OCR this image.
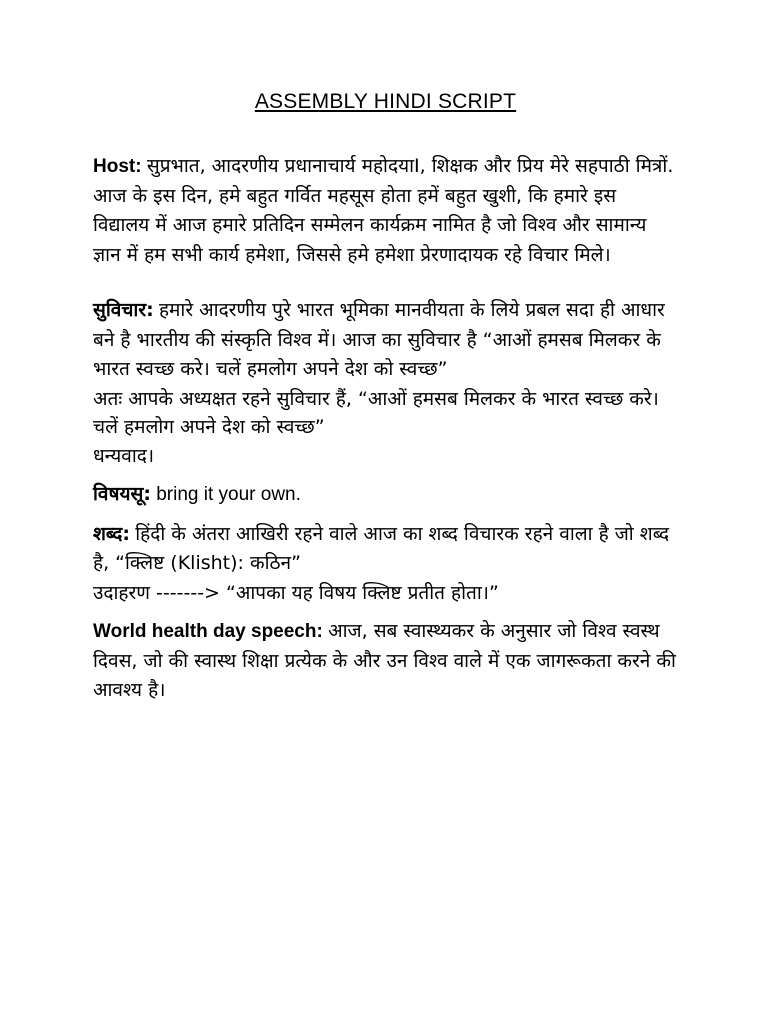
ASSEMBLY HINDI SCRIPT
Host: सुप्रभात, आदरणीय प्रधानाचार्य महोदयाI, शिक्षक और प्रिय मेरे सहपाठी मित्रों. आज के इस दिन, हमे बहुत गर्वित महसूस होता हमें बहुत खुशी, कि हमारे इस विद्यालय में आज हमारे प्रतिदिन सम्मेलन कार्यक्रम नामित है जो विश्व और सामान्य ज्ञान में हम सभी कार्य हमेशा, जिससे हमे हमेशा प्रेरणादायक रहे विचार मिले।
सुविचार: हमारे आदरणीय पुरे भारत भूमिका मानवीयता के लिये प्रबल सदा ही आधार बने है भारतीय की संस्कृति विश्व में। आज का सुविचार है “आओं हमसब मिलकर के भारत स्वच्छ करे। चलें हमलोग अपने देश को स्वच्छ”
अतः आपके अध्यक्षत रहने सुविचार हैं, “आओं हमसब मिलकर के भारत स्वच्छ करे। चलें हमलोग अपने देश को स्वच्छ”
धन्यवाद।
विषयसू: bring it your own.
शब्द: हिंदी के अंतरा आखिरी रहने वाले आज का शब्द विचारक रहने वाला है जो शब्द है, “क्लिष्ट (Klisht): कठिन”
उदाहरण -------> “आपका यह विषय क्लिष्ट प्रतीत होता।”
World health day speech: आज, सब स्वास्थ्यकर के अनुसार जो विश्व स्वस्थ दिवस, जो की स्वास्थ शिक्षा प्रत्येक के और उन विश्व वाले में एक जागरूकता करने की आवश्य है।
